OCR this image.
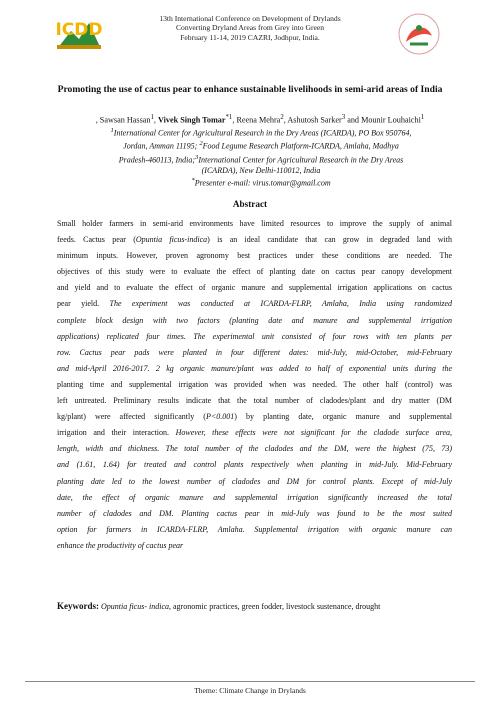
ICDD
13th International Conference on Development of Drylands
Converting Dryland Areas from Grey into Green
February 11-14, 2019 CAZRI, Jodhpur, India.
Promoting the use of cactus pear to enhance sustainable livelihoods in semi-arid areas of India
, Sawsan Hassan$^1$, Vivek Singh Tomar$^{*1}$, Reena Mehra$^2$, Ashutosh Sarker$^3$ and Mounir Louhaichi$^1$
$^1$International Center for Agricultural Research in the Dry Areas (ICARDA), PO Box 950764,
Jordan, Amman 11195; $^2$Food Legume Research Platform-ICARDA, Amlaha, Madhya
Pradesh-460113, India;$^3$International Center for Agricultural Research in the Dry Areas
(ICARDA), New Delhi-110012, India
*Presenter e-mail: virus.tomar@gmail.com
Abstract
Small holder farmers in semi-arid environments have limited resources to improve the supply of animal
feeds. Cactus pear (Opuntia ficus-indica) is an ideal candidate that can grow in degraded land with
minimum inputs. However, proven agronomy best practices under these conditions are needed. The
objectives of this study were to evaluate the effect of planting date on cactus pear canopy development
and yield and to evaluate the effect of organic manure and supplemental irrigation applications on cactus
pear yield. The experiment was conducted at ICARDA-FLRP, Amlaha, India using randomized
complete block design with two factors (planting date and manure and supplemental irrigation
applications) replicated four times. The experimental unit consisted of four rows with ten plants per
row. Cactus pear pads were planted in four different dates: mid-July, mid-October, mid-February
and mid-April 2016-2017. 2 kg organic manure/plant was added to half of exponential units during the
planting time and supplemental irrigation was provided when was needed. The other half (control) was
left untreated. Preliminary results indicate that the total number of cladodes/plant and dry matter (DM
kg/plant) were affected significantly (P<0.001) by planting date, organic manure and supplemental
irrigation and their interaction. However, these effects were not significant for the cladode surface area,
length, width and thickness. The total number of the cladodes and the DM, were the highest (75, 73)
and (1.61, 1.64) for treated and control plants respectively when planting in mid-July. Mid-February
planting date led to the lowest number of cladodes and DM for control plants. Except of mid-July
date, the effect of organic manure and supplemental irrigation significantly increased the total
number of cladodes and DM. Planting cactus pear in mid-July was found to be the most suited
option for farmers in ICARDA-FLRP, Amlaha. Supplemental irrigation with organic manure can
enhance the productivity of cactus pear
Keywords: Opuntia ficus- indica, agronomic practices, green fodder, livestock sustenance, drought
Theme: Climate Change in Drylands
